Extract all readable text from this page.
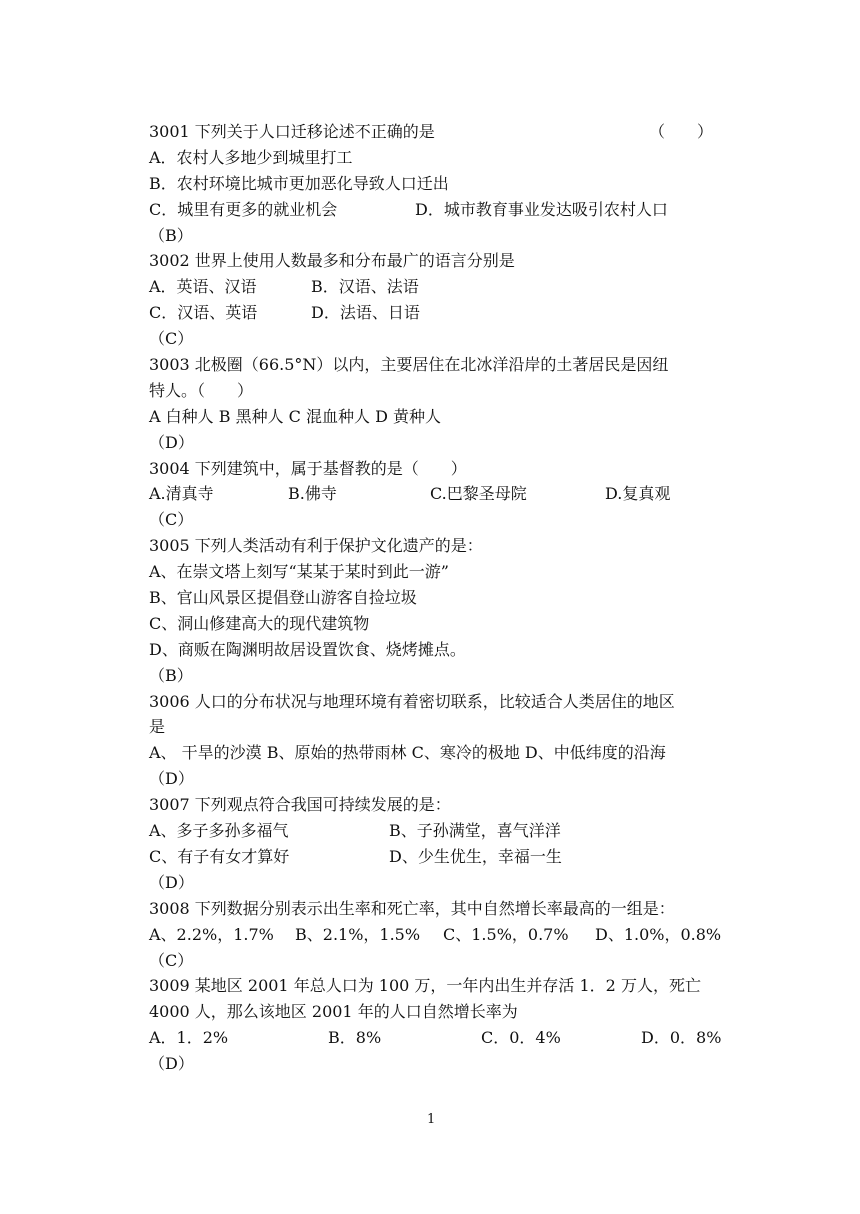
3001 下列关于人口迁移论述不正确的是	（　　）
A．农村人多地少到城里打工
B．农村环境比城市更加恶化导致人口迁出
C．城里有更多的就业机会	D．城市教育事业发达吸引农村人口
（B）
3002 世界上使用人数最多和分布最广的语言分别是
A．英语、汉语	B．汉语、法语
C．汉语、英语	D．法语、日语
（C）
3003 北极圈（66.5°N）以内，主要居住在北冰洋沿岸的土著居民是因纽
特人。（　　）
A 白种人 B 黑种人 C 混血种人 D 黄种人
（D）
3004 下列建筑中，属于基督教的是（　　）
A.清真寺	B.佛寺	C.巴黎圣母院	D.复真观
（C）
3005 下列人类活动有利于保护文化遗产的是：
A、在崇文塔上刻写“某某于某时到此一游”
B、官山风景区提倡登山游客自捡垃圾
C、洞山修建高大的现代建筑物
D、商贩在陶渊明故居设置饮食、烧烤摊点。
（B）
3006 人口的分布状况与地理环境有着密切联系，比较适合人类居住的地区
是
A、 干旱的沙漠 B、原始的热带雨林 C、寒冷的极地 D、中低纬度的沿海
（D）
3007 下列观点符合我国可持续发展的是：
A、多子多孙多福气	B、子孙满堂，喜气洋洋
C、有子有女才算好	D、少生优生，幸福一生
（D）
3008 下列数据分别表示出生率和死亡率，其中自然增长率最高的一组是：
A、2.2%，1.7% B、2.1%，1.5% C、1.5%，0.7% D、1.0%，0.8%
（C）
3009 某地区 2001 年总人口为 100 万，一年内出生并存活 1．2 万人，死亡
4000 人，那么该地区 2001 年的人口自然增长率为
A．1．2%	B．8%	C．0．4%	D．0．8%
（D）
1
